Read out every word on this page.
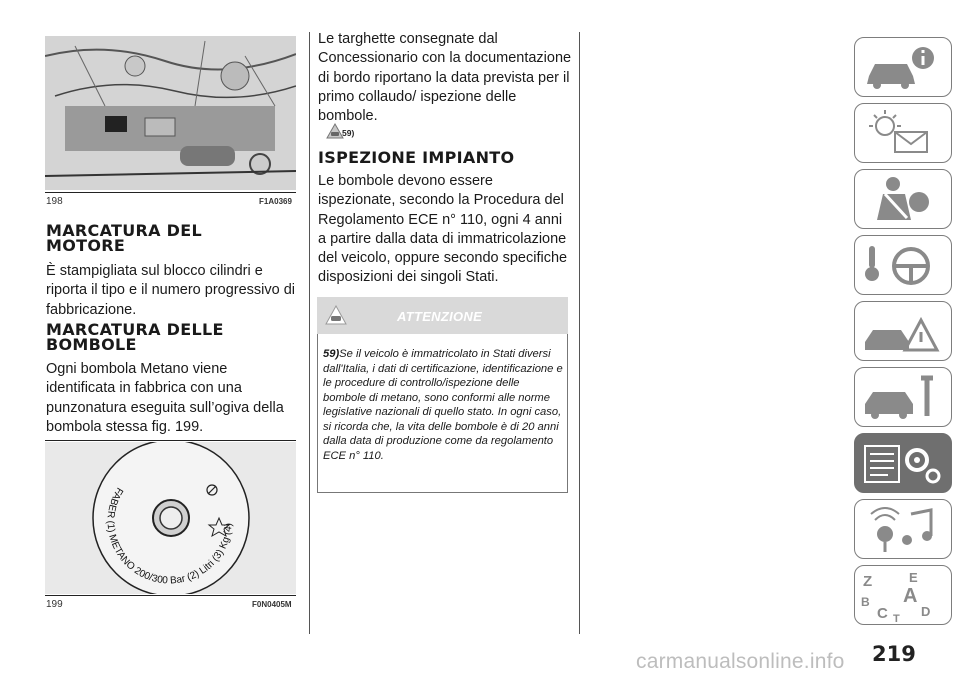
198	F1A0369
MARCATURA DEL
MOTORE
È stampigliata sul blocco cilindri e riporta il tipo e il numero progressivo di fabbricazione.
MARCATURA DELLE
BOMBOLE
Ogni bombola Metano viene identificata in fabbrica con una punzonatura eseguita sull’ogiva della bombola stessa fig. 199.
FABER (1) METANO 200/300 Bar (2) Litri (3) Kg (4)
199	F0N0405M
Le targhette consegnate dal Concessionario con la documentazione di bordo riportano la data prevista per il primo collaudo/ ispezione delle bombole.
59)
ISPEZIONE IMPIANTO
Le bombole devono essere ispezionate, secondo la Procedura del Regolamento ECE n° 110, ogni 4 anni a partire dalla data di immatricolazione del veicolo, oppure secondo specifiche disposizioni dei singoli Stati.
ATTENZIONE
59)Se il veicolo è immatricolato in Stati diversi dall'Italia, i dati di certificazione, identificazione e le procedure di controllo/ispezione delle bombole di metano, sono conformi alle norme legislative nazionali di quello stato. In ogni caso, si ricorda che, la vita delle bombole è di 20 anni dalla data di produzione come da regolamento ECE n° 110.
Z	E
B A
C	D
T
219
carmanualsonline.info
